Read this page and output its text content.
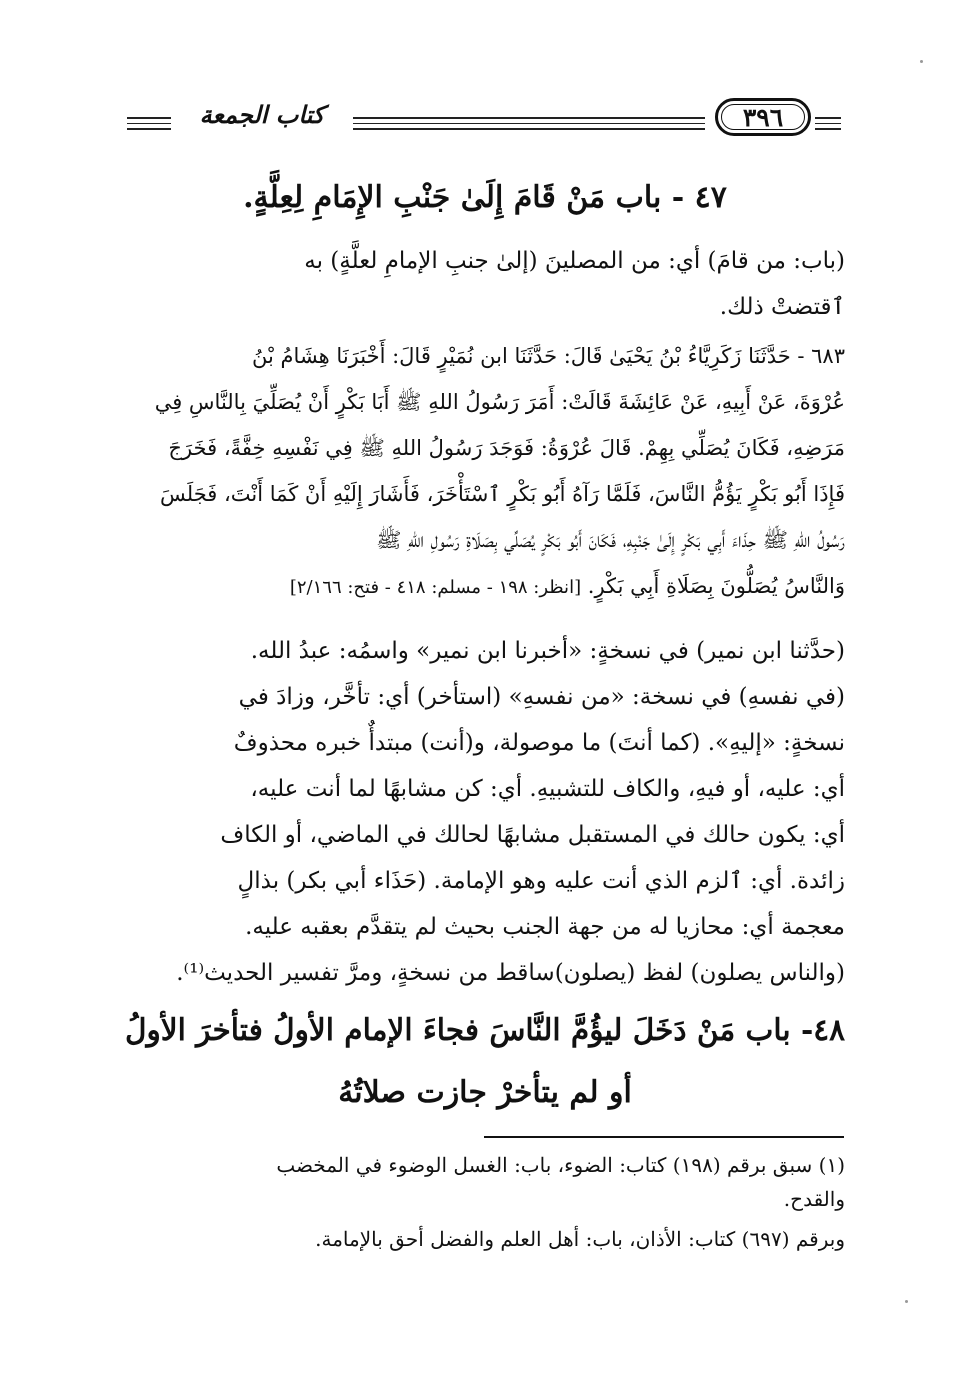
كتاب الجمعة	٣٩٦
٤٧ - باب مَنْ قَامَ إِلَىٰ جَنْبِ الإِمَامِ لِعِلَّةٍ.
(باب: من قامَ) أي: من المصلينَ (إلىٰ جنبِ الإمامِ لعلَّةٍ) به
ٱقتضتْ ذلك.
٦٨٣ - حَدَّثَنَا زَكَرِيَّاءُ بْنُ يَحْيَىٰ قَالَ: حَدَّثَنَا ابن نُمَيْرٍ قَالَ: أَخْبَرَنَا هِشَامُ بْنُ
عُرْوَةَ، عَنْ أَبِيهِ، عَنْ عَائِشَةَ قَالَتْ: أَمَرَ رَسُولُ اللهِ ﷺ أَبَا بَكْرٍ أَنْ يُصَلِّيَ بِالنَّاسِ فِي
مَرَضِهِ، فَكَانَ يُصَلِّي بِهِمْ. قَالَ عُرْوَةُ: فَوَجَدَ رَسُولُ اللهِ ﷺ فِي نَفْسِهِ خِفَّةً، فَخَرَجَ
فَإِذَا أَبُو بَكْرٍ يَؤُمُّ النَّاسَ، فَلَمَّا رَآهُ أَبُو بَكْرٍ ٱسْتَأْخَرَ، فَأَشَارَ إِلَيْهِ أَنْ كَمَا أَنْتَ، فَجَلَسَ
رَسُولُ اللهِ ﷺ حِذَاءَ أَبِي بَكْرٍ إِلَىٰ جَنْبِهِ، فَكَانَ أَبُو بَكْرٍ يُصَلِّي بِصَلَاةِ رَسُولِ اللهِ ﷺ
وَالنَّاسُ يُصَلُّونَ بِصَلَاةِ أَبِي بَكْرٍ. [انظر: ١٩٨ - مسلم: ٤١٨ - فتح: ٢/١٦٦]
(حدَّثنا ابن نمير) في نسخةٍ: «أخبرنا ابن نمير» واسمُه: عبدُ الله.
(في نفسهِ) في نسخة: «من نفسهِ» (استأخر) أي: تأخَّر، وزادَ في
نسخةٍ: «إليهِ». (كما أنتَ) ما موصولة، و(أنت) مبتدأٌ خبره محذوفٌ
أي: عليه، أو فيهِ، والكاف للتشبيهِ. أي: كن مشابهًا لما أنت عليه،
أي: يكون حالك في المستقبل مشابهًا لحالك في الماضي، أو الكاف
زائدة. أي: ٱلزم الذي أنت عليه وهو الإمامة. (حَذَاء أبي بكر) بذالٍ
معجمة أي: محازيا له من جهة الجنب بحيث لم يتقدَّم بعقبه عليه.
(والناس يصلون) لفظ (يصلون)ساقط من نسخةٍ، ومرَّ تفسير الحديث⁽¹⁾.
٤٨- باب مَنْ دَخَلَ ليؤُمَّ النَّاسَ فجاءَ الإمام الأولُ فتأخرَ الأولُ
أو لم يتأخرْ جازت صلاتُهُ
(١) سبق برقم (١٩٨) كتاب: الضوء، باب: الغسل الوضوء في المخضب
والقدح.
وبرقم (٦٩٧) كتاب: الأذان، باب: أهل العلم والفضل أحق بالإمامة.
